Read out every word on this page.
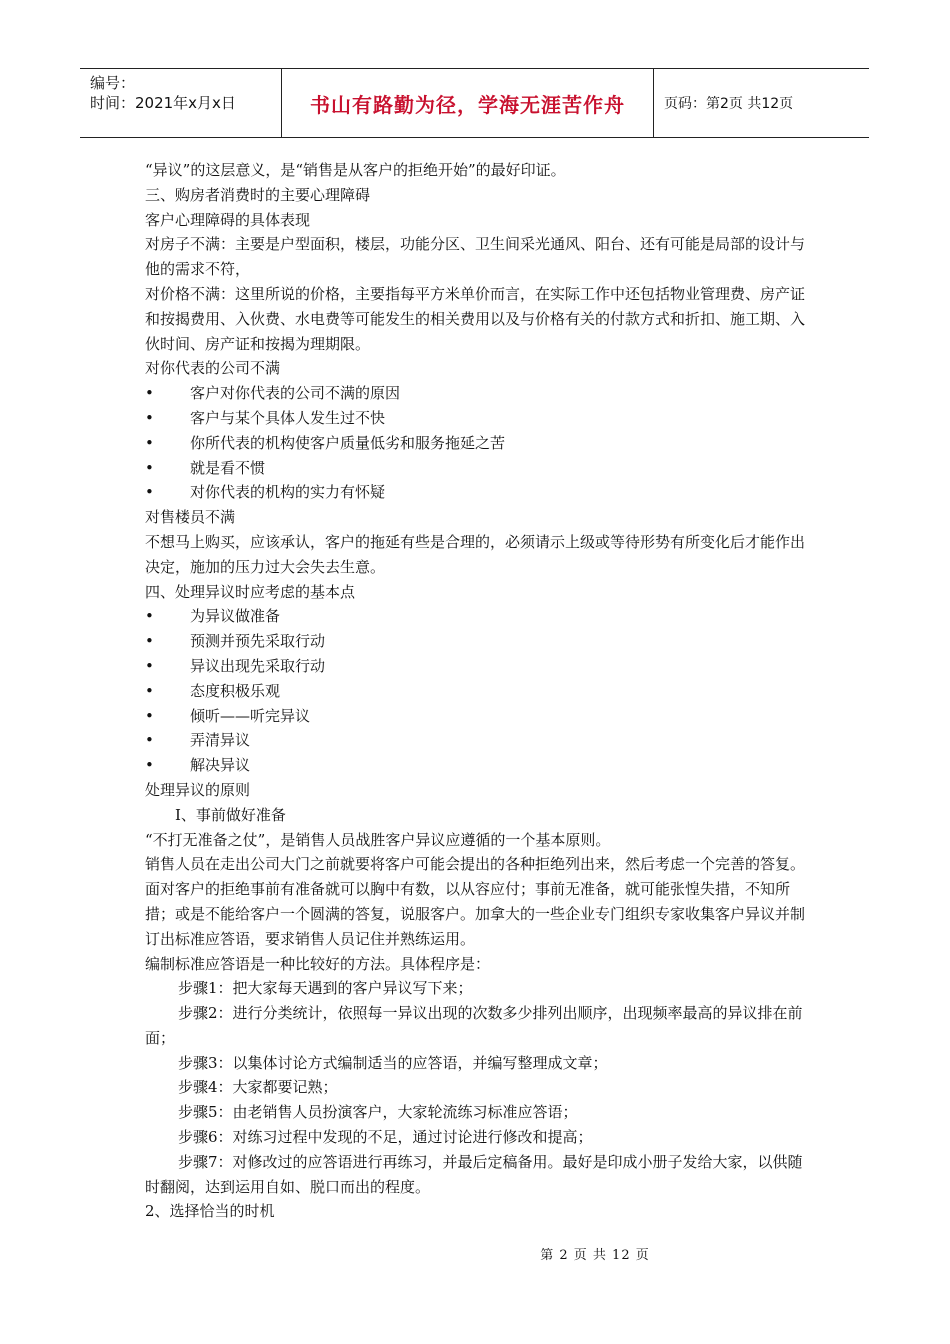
编号：
时间：2021年x月x日	书山有路勤为径，学海无涯苦作舟	页码：第2页 共12页

“异议”的这层意义，是“销售是从客户的拒绝开始”的最好印证。

三、购房者消费时的主要心理障碍

客户心理障碍的具体表现

对房子不满：主要是户型面积，楼层，功能分区、卫生间采光通风、阳台、还有可能是局部的设计与他的需求不符，

对价格不满：这里所说的价格，主要指每平方米单价而言，在实际工作中还包括物业管理费、房产证和按揭费用、入伙费、水电费等可能发生的相关费用以及与价格有关的付款方式和折扣、施工期、入伙时间、房产证和按揭为理期限。

对你代表的公司不满

•	客户对你代表的公司不满的原因
•	客户与某个具体人发生过不快
•	你所代表的机构使客户质量低劣和服务拖延之苦
•	就是看不惯
•	对你代表的机构的实力有怀疑

对售楼员不满

不想马上购买，应该承认，客户的拖延有些是合理的，必须请示上级或等待形势有所变化后才能作出决定，施加的压力过大会失去生意。

四、处理异议时应考虑的基本点

•	为异议做准备
•	预测并预先采取行动
•	异议出现先采取行动
•	态度积极乐观
•	倾听——听完异议
•	弄清异议
•	解决异议

处理异议的原则

I、事前做好准备

“不打无准备之仗”，是销售人员战胜客户异议应遵循的一个基本原则。

销售人员在走出公司大门之前就要将客户可能会提出的各种拒绝列出来，然后考虑一个完善的答复。面对客户的拒绝事前有准备就可以胸中有数，以从容应付；事前无准备，就可能张惶失措，不知所措；或是不能给客户一个圆满的答复，说服客户。加拿大的一些企业专门组织专家收集客户异议并制订出标准应答语，要求销售人员记住并熟练运用。

编制标准应答语是一种比较好的方法。具体程序是：

步骤1：把大家每天遇到的客户异议写下来；

步骤2：进行分类统计，依照每一异议出现的次数多少排列出顺序，出现频率最高的异议排在前面；

步骤3：以集体讨论方式编制适当的应答语，并编写整理成文章；

步骤4：大家都要记熟；

步骤5：由老销售人员扮演客户，大家轮流练习标准应答语；

步骤6：对练习过程中发现的不足，通过讨论进行修改和提高；

步骤7：对修改过的应答语进行再练习，并最后定稿备用。最好是印成小册子发给大家，以供随时翻阅，达到运用自如、脱口而出的程度。

2、选择恰当的时机

第 2 页 共 12 页
